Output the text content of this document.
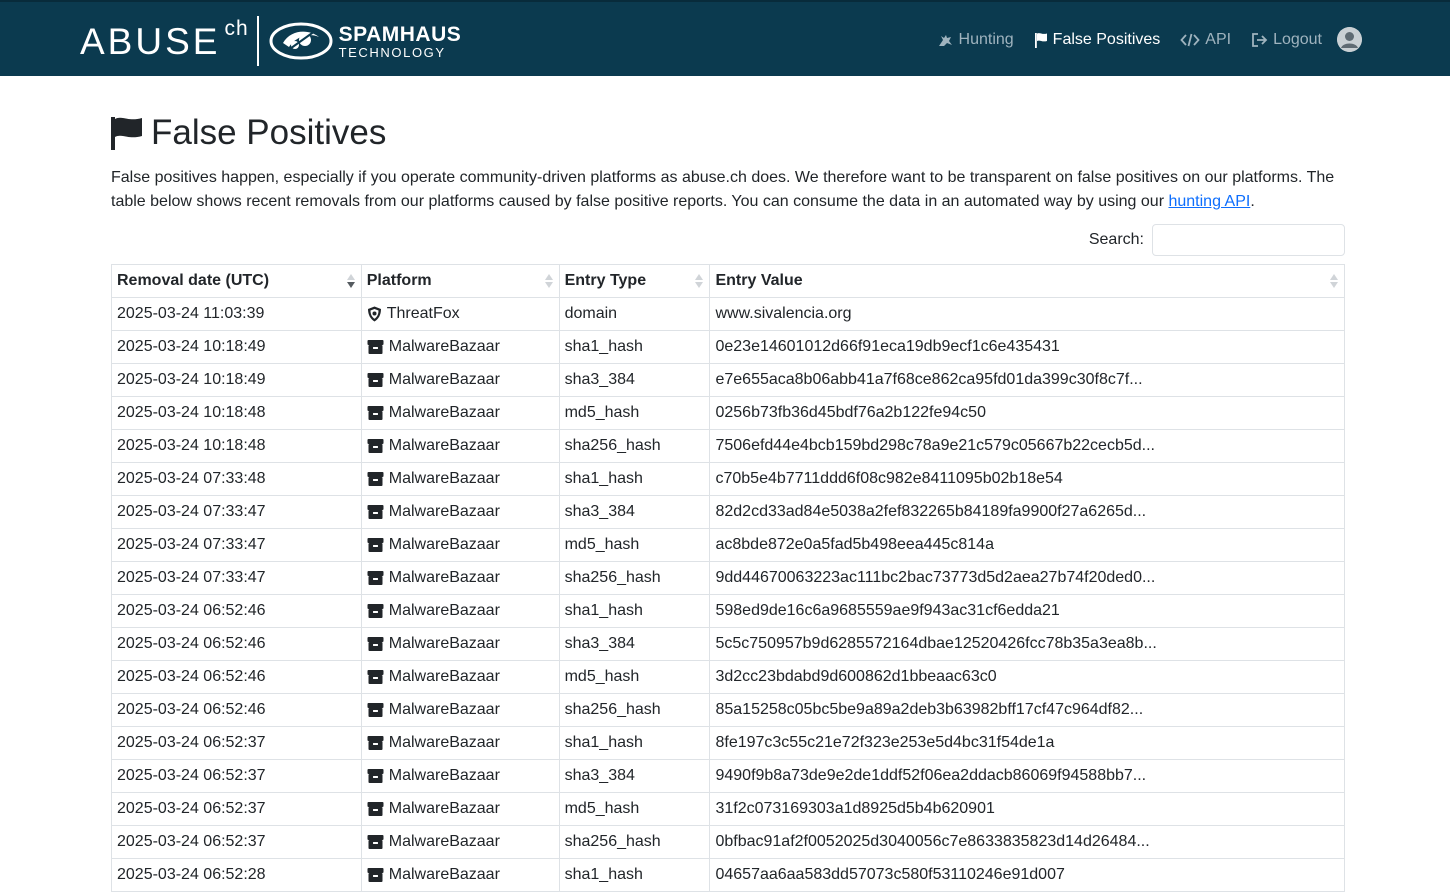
ABUSE ch	SPAMHAUS
TECHNOLOGY
Hunting False Positives	API	Logout
False Positives

False positives happen, especially if you operate community-driven platforms as abuse.ch does. We therefore want to be transparent on false positives on our platforms. The table below shows recent removals from our platforms caused by false positive reports. You can consume the data in an automated way by using our hunting API.

Search:
Removal date (UTC)	Platform	Entry Type	Entry Value

2025-03-24 11:03:39	ThreatFox	domain	www.sivalencia.org
2025-03-24 10:18:49	MalwareBazaar	sha1_hash	0e23e14601012d66f91eca19db9ecf1c6e435431
2025-03-24 10:18:49	MalwareBazaar	sha3_384	e7e655aca8b06abb41a7f68ce862ca95fd01da399c30f8c7f...
2025-03-24 10:18:48	MalwareBazaar	md5_hash	0256b73fb36d45bdf76a2b122fe94c50
2025-03-24 10:18:48	MalwareBazaar	sha256_hash	7506efd44e4bcb159bd298c78a9e21c579c05667b22cecb5d...
2025-03-24 07:33:48	MalwareBazaar	sha1_hash	c70b5e4b7711ddd6f08c982e8411095b02b18e54
2025-03-24 07:33:47	MalwareBazaar	sha3_384	82d2cd33ad84e5038a2fef832265b84189fa9900f27a6265d...
2025-03-24 07:33:47	MalwareBazaar	md5_hash	ac8bde872e0a5fad5b498eea445c814a
2025-03-24 07:33:47	MalwareBazaar	sha256_hash	9dd44670063223ac111bc2bac73773d5d2aea27b74f20ded0...
2025-03-24 06:52:46	MalwareBazaar	sha1_hash	598ed9de16c6a9685559ae9f943ac31cf6edda21
2025-03-24 06:52:46	MalwareBazaar	sha3_384	5c5c750957b9d6285572164dbae12520426fcc78b35a3ea8b...
2025-03-24 06:52:46	MalwareBazaar	md5_hash	3d2cc23bdabd9d600862d1bbeaac63c0
2025-03-24 06:52:46	MalwareBazaar	sha256_hash	85a15258c05bc5be9a89a2deb3b63982bff17cf47c964df82...
2025-03-24 06:52:37	MalwareBazaar	sha1_hash	8fe197c3c55c21e72f323e253e5d4bc31f54de1a
2025-03-24 06:52:37	MalwareBazaar	sha3_384	9490f9b8a73de9e2de1ddf52f06ea2ddacb86069f94588bb7...
2025-03-24 06:52:37	MalwareBazaar	md5_hash	31f2c073169303a1d8925d5b4b620901
2025-03-24 06:52:37	MalwareBazaar	sha256_hash	0bfbac91af2f0052025d3040056c7e8633835823d14d26484...
2025-03-24 06:52:28	MalwareBazaar	sha1_hash	04657aa6aa583dd57073c580f53110246e91d007
